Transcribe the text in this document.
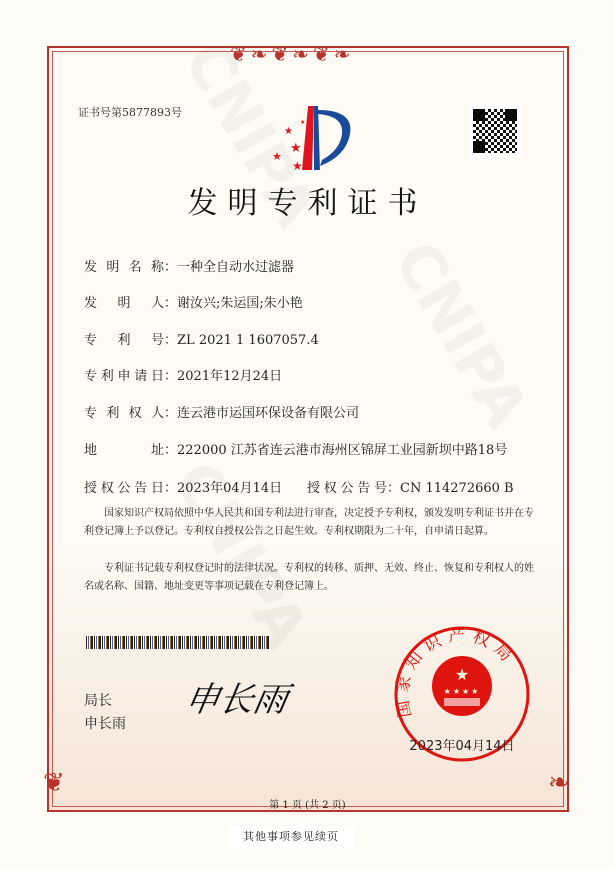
❦❧❦❧❦❧
❦	❧
证书号第5877893号
★
★
★
★
★
发明专利证书
发明名称：一种全自动水过滤器
发明人：谢汝兴;朱运国;朱小艳
专利号：ZL 2021 1 1607057.4
专利申请日：2021年12月24日
专利权人：连云港市运国环保设备有限公司
地址：222000 江苏省连云港市海州区锦屏工业园新坝中路18号
授权公告日：2023年04月14日 授权公告号：CN 114272660 B

国家知识产权局依照中华人民共和国专利法进行审查，决定授予专利权，颁发发明专利证书并在专利登记簿上予以登记。专利权自授权公告之日起生效。专利权期限为二十年，自申请日起算。

专利证书记载专利权登记时的法律状况。专利权的转移、质押、无效、终止、恢复和专利权人的姓名或名称、国籍、地址变更等事项记载在专利登记簿上。

局长
申长雨
申长雨	国家知识产权局
★
★★★★
2023年04月14日
第 1 页 (共 2 页)
其他事项参见续页
